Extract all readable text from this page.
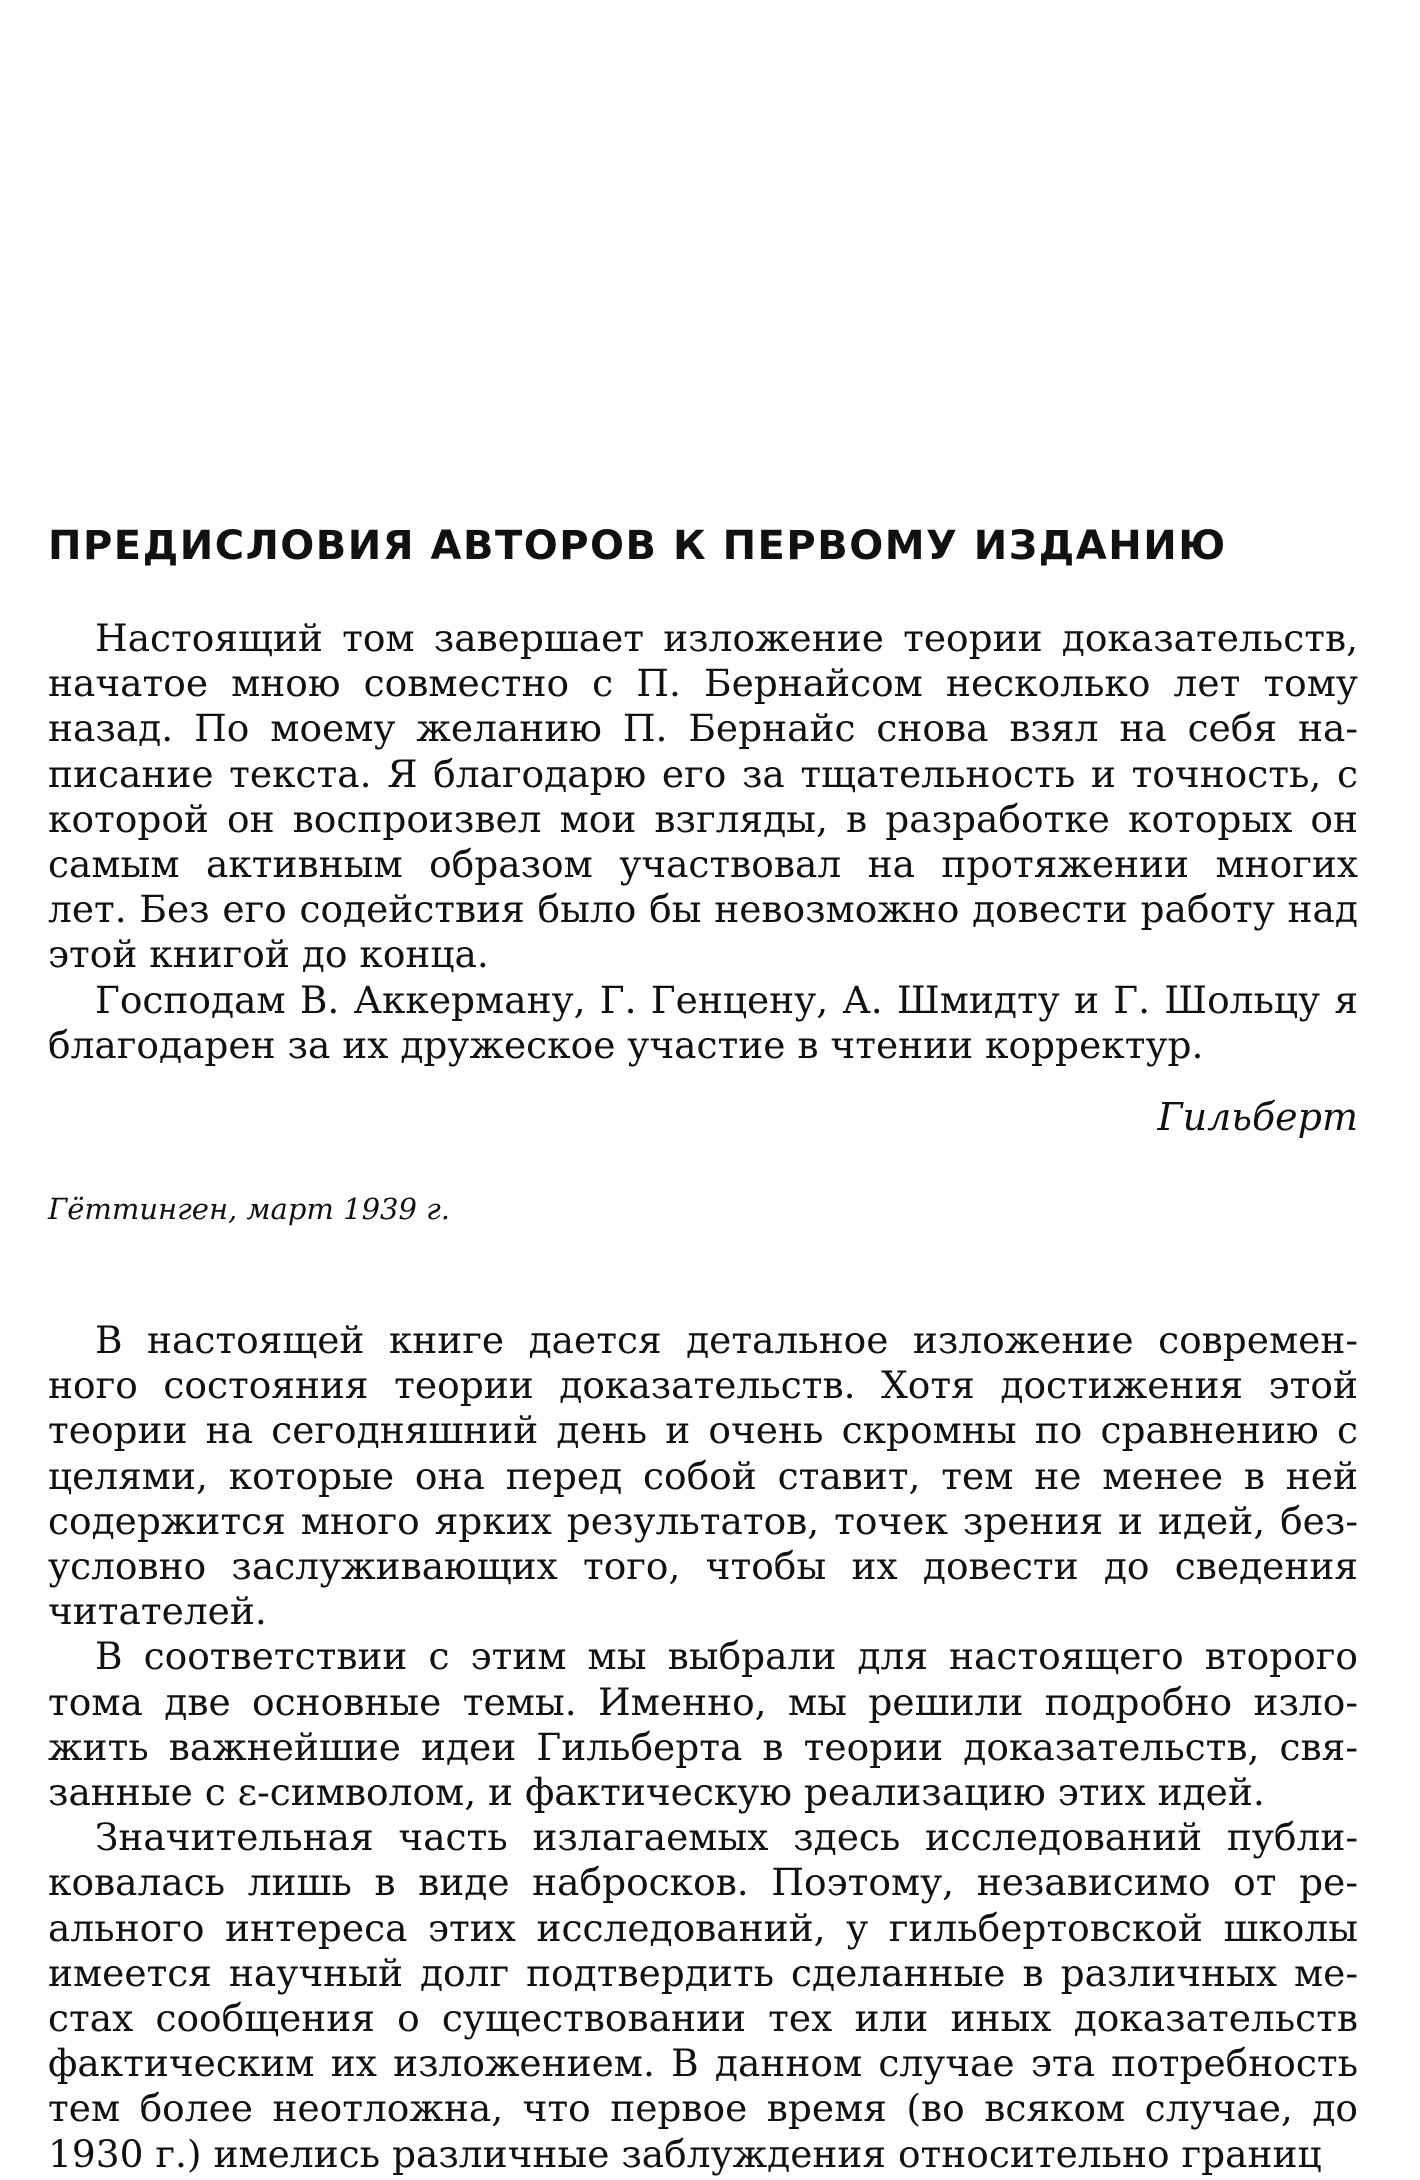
ПРЕДИСЛОВИЯ АВТОРОВ К ПЕРВОМУ ИЗДАНИЮ

Настоящий том завершает изложение теории доказательств, начатое мною совместно с П. Бернайсом несколько лет тому назад. По моему желанию П. Бернайс снова взял на себя написание текста. Я благодарю его за тщательность и точность, с которой он воспроизвел мои взгляды, в разработке которых он самым активным образом участвовал на протяжении многих лет. Без его содействия было бы невозможно довести работу над этой книгой до конца.

Господам В. Аккерману, Г. Генцену, А. Шмидту и Г. Шольцу я благодарен за их дружеское участие в чтении корректур.

Гильберт
Гёттинген, март 1939 г.

В настоящей книге дается детальное изложение современного состояния теории доказательств. Хотя достижения этой теории на сегодняшний день и очень скромны по сравнению с целями, которые она перед собой ставит, тем не менее в ней содержится много ярких результатов, точек зрения и идей, безусловно заслуживающих того, чтобы их довести до сведения читателей.

В соответствии с этим мы выбрали для настоящего второго тома две основные темы. Именно, мы решили подробно изложить важнейшие идеи Гильберта в теории доказательств, связанные с ε-символом, и фактическую реализацию этих идей.

Значительная часть излагаемых здесь исследований публиковалась лишь в виде набросков. Поэтому, независимо от реального интереса этих исследований, у гильбертовской школы имеется научный долг подтвердить сделанные в различных местах сообщения о существовании тех или иных доказательств фактическим их изложением. В данном случае эта потребность тем более неотложна, что первое время (во всяком случае, до 1930 г.) имелись различные заблуждения относительно границ
